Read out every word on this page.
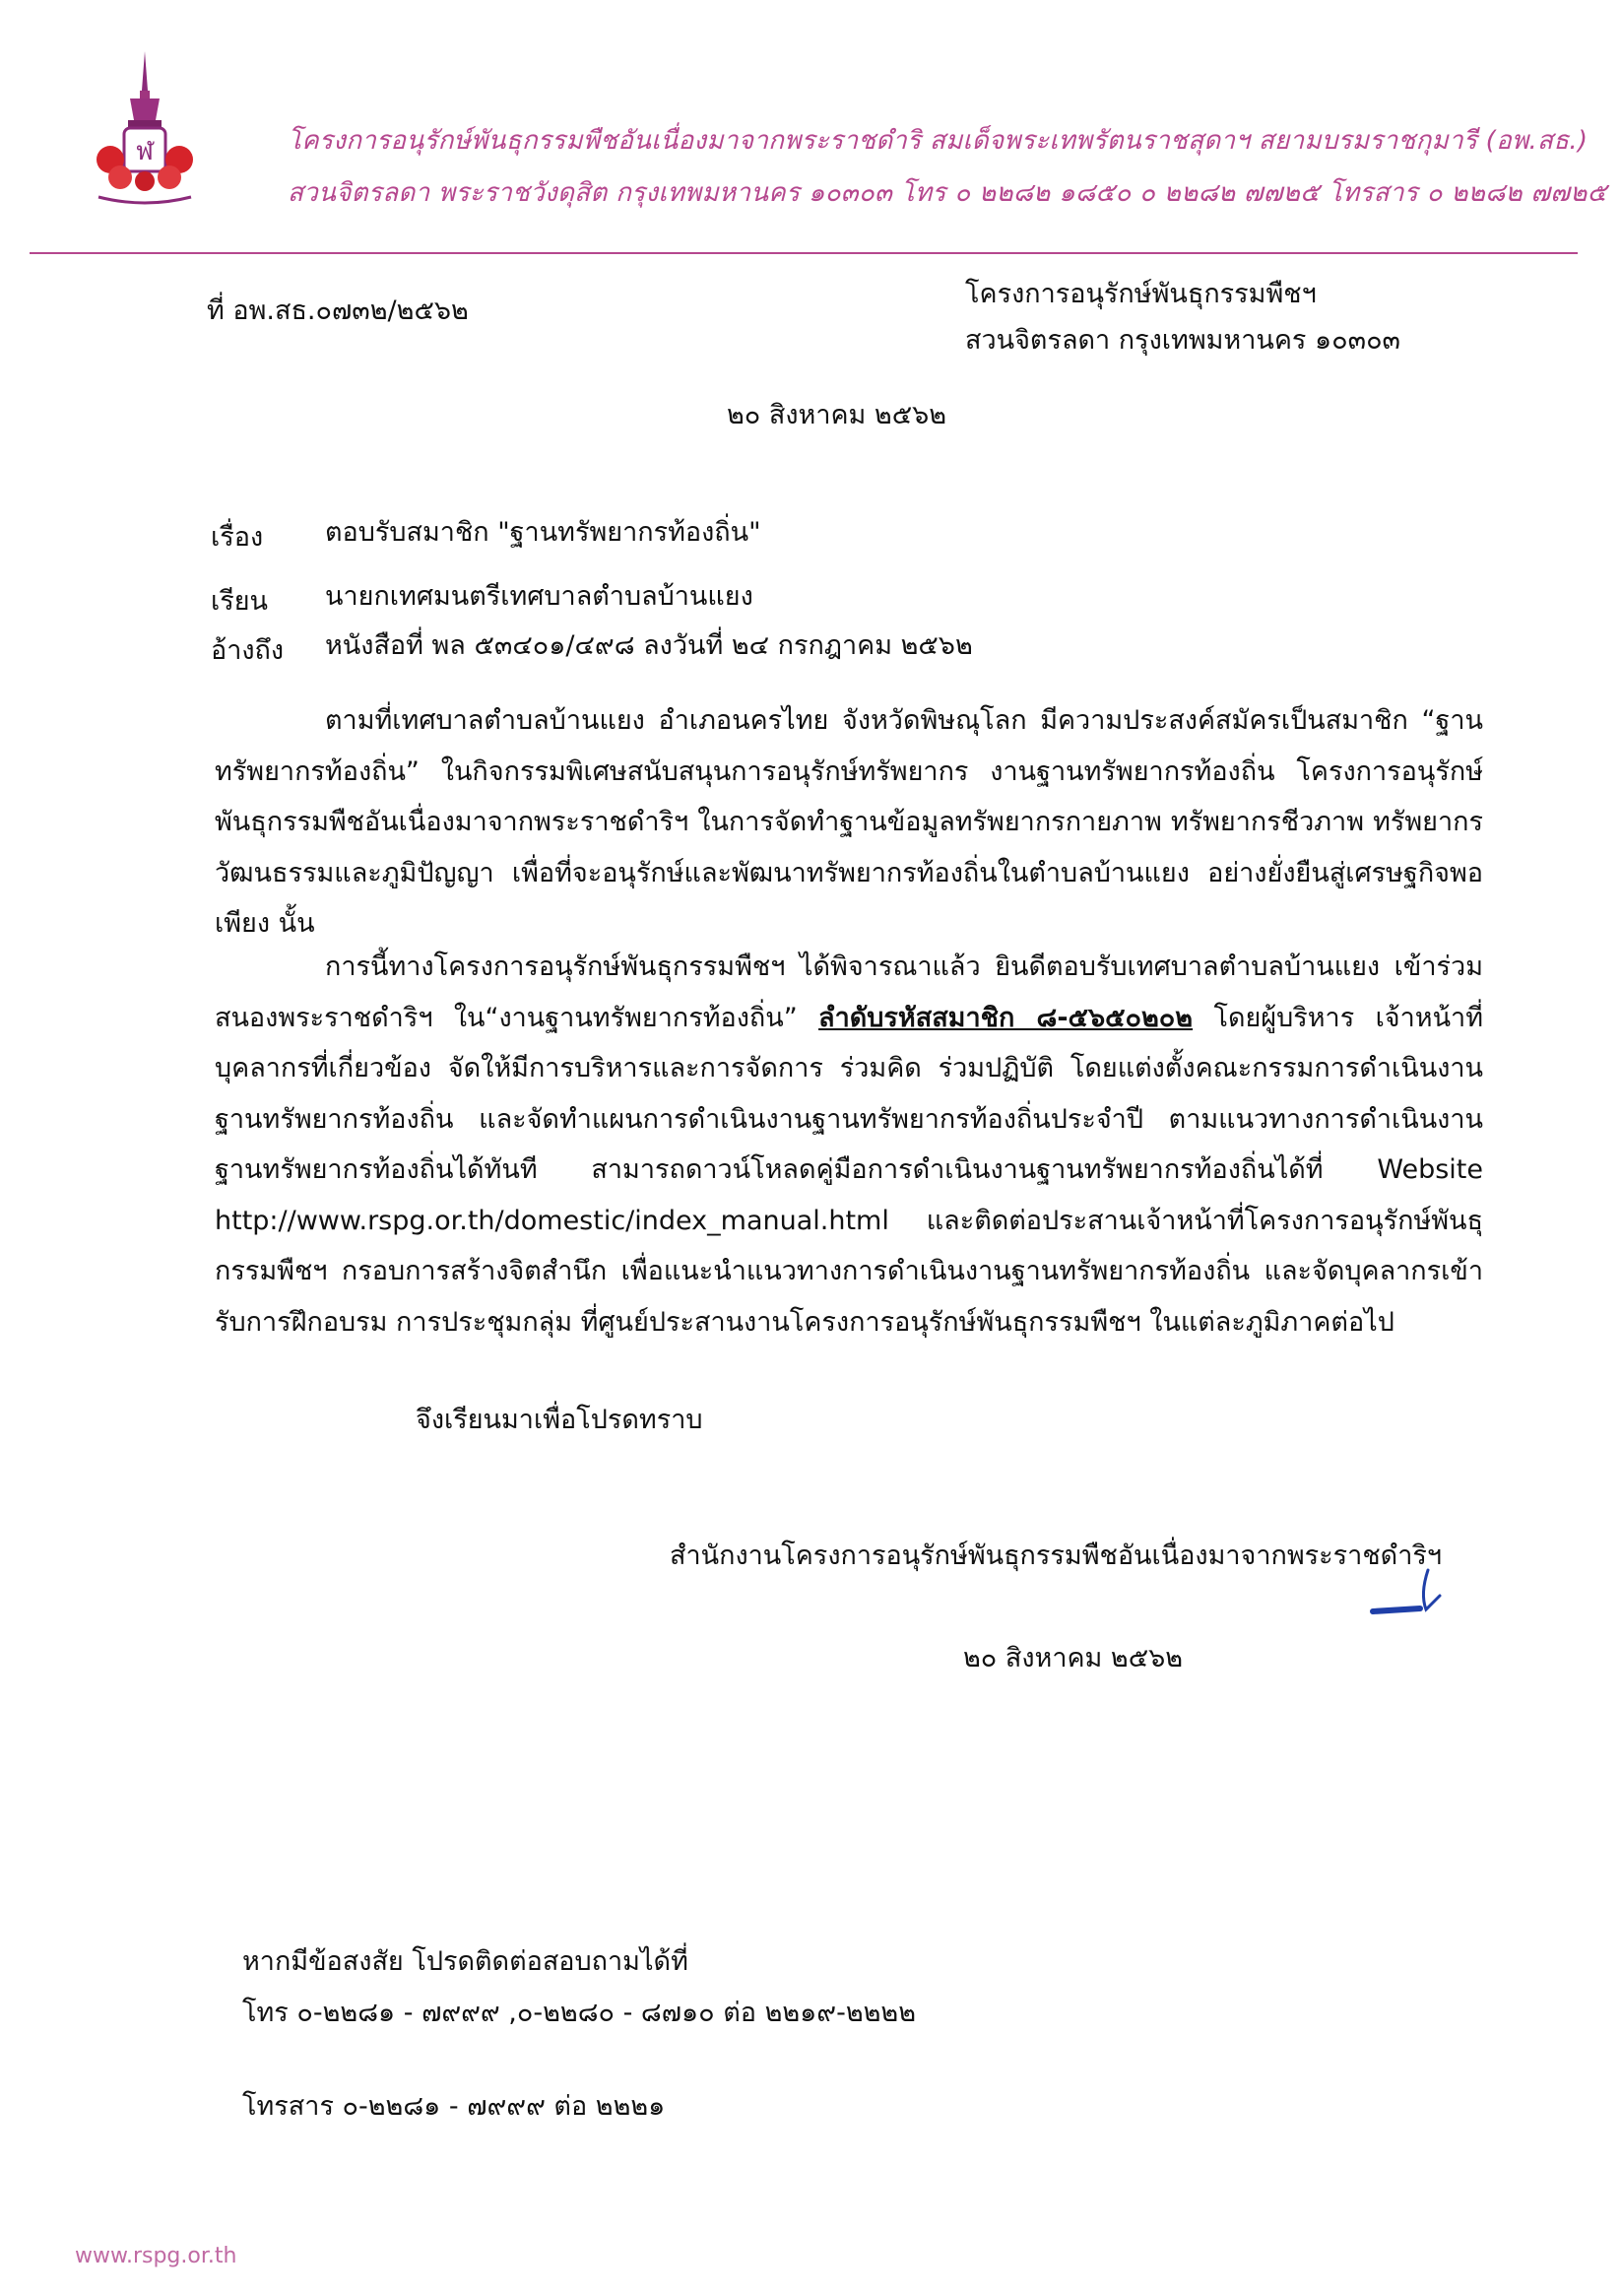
ฬ	โครงการอนุรักษ์พันธุกรรมพืชอันเนื่องมาจากพระราชดำริ สมเด็จพระเทพรัตนราชสุดาฯ สยามบรมราชกุมารี (อพ.สธ.)
สวนจิตรลดา พระราชวังดุสิต กรุงเทพมหานคร ๑๐๓๐๓ โทร ๐ ๒๒๘๒ ๑๘๕๐ ๐ ๒๒๘๒ ๗๗๒๕ โทรสาร ๐ ๒๒๘๒ ๗๗๒๕
ที่ อพ.สธ.๐๗๓๒/๒๕๖๒
โครงการอนุรักษ์พันธุกรรมพืชฯ
สวนจิตรลดา กรุงเทพมหานคร ๑๐๓๐๓
๒๐ สิงหาคม ๒๕๖๒
เรื่อง ตอบรับสมาชิก "ฐานทรัพยากรท้องถิ่น"
เรียน นายกเทศมนตรีเทศบาลตำบลบ้านแยง
อ้างถึง หนังสือที่ พล ๕๓๔๐๑/๔๙๘ ลงวันที่ ๒๔ กรกฎาคม ๒๕๖๒
ตามที่เทศบาลตำบลบ้านแยง อำเภอนครไทย จังหวัดพิษณุโลก มีความประสงค์สมัครเป็นสมาชิก “ฐานทรัพยากรท้องถิ่น” ในกิจกรรมพิเศษสนับสนุนการอนุรักษ์ทรัพยากร งานฐานทรัพยากรท้องถิ่น โครงการอนุรักษ์พันธุกรรมพืชอันเนื่องมาจากพระราชดำริฯ ในการจัดทำฐานข้อมูลทรัพยากรกายภาพ ทรัพยากรชีวภาพ ทรัพยากรวัฒนธรรมและภูมิปัญญา เพื่อที่จะอนุรักษ์และพัฒนาทรัพยากรท้องถิ่นในตำบลบ้านแยง อย่างยั่งยืนสู่เศรษฐกิจพอเพียง นั้น
การนี้ทางโครงการอนุรักษ์พันธุกรรมพืชฯ ได้พิจารณาแล้ว ยินดีตอบรับเทศบาลตำบลบ้านแยง เข้าร่วมสนองพระราชดำริฯ ใน“งานฐานทรัพยากรท้องถิ่น” ลำดับรหัสสมาชิก ๘-๕๖๕๐๒๐๒ โดยผู้บริหาร เจ้าหน้าที่บุคลากรที่เกี่ยวข้อง จัดให้มีการบริหารและการจัดการ ร่วมคิด ร่วมปฏิบัติ โดยแต่งตั้งคณะกรรมการดำเนินงานฐานทรัพยากรท้องถิ่น และจัดทำแผนการดำเนินงานฐานทรัพยากรท้องถิ่นประจำปี ตามแนวทางการดำเนินงานฐานทรัพยากรท้องถิ่นได้ทันที สามารถดาวน์โหลดคู่มือการดำเนินงานฐานทรัพยากรท้องถิ่นได้ที่ Website http://www.rspg.or.th/domestic/index_manual.html และติดต่อประสานเจ้าหน้าที่โครงการอนุรักษ์พันธุกรรมพืชฯ กรอบการสร้างจิตสำนึก เพื่อแนะนำแนวทางการดำเนินงานฐานทรัพยากรท้องถิ่น และจัดบุคลากรเข้ารับการฝึกอบรม การประชุมกลุ่ม ที่ศูนย์ประสานงานโครงการอนุรักษ์พันธุกรรมพืชฯ ในแต่ละภูมิภาคต่อไป
จึงเรียนมาเพื่อโปรดทราบ
สำนักงานโครงการอนุรักษ์พันธุกรรมพืชอันเนื่องมาจากพระราชดำริฯ
๒๐ สิงหาคม ๒๕๖๒
หากมีข้อสงสัย โปรดติดต่อสอบถามได้ที่
โทร ๐-๒๒๘๑ - ๗๙๙๙ ,๐-๒๒๘๐ - ๘๗๑๐ ต่อ ๒๒๑๙-๒๒๒๒
โทรสาร ๐-๒๒๘๑ - ๗๙๙๙ ต่อ ๒๒๒๑
www.rspg.or.th
